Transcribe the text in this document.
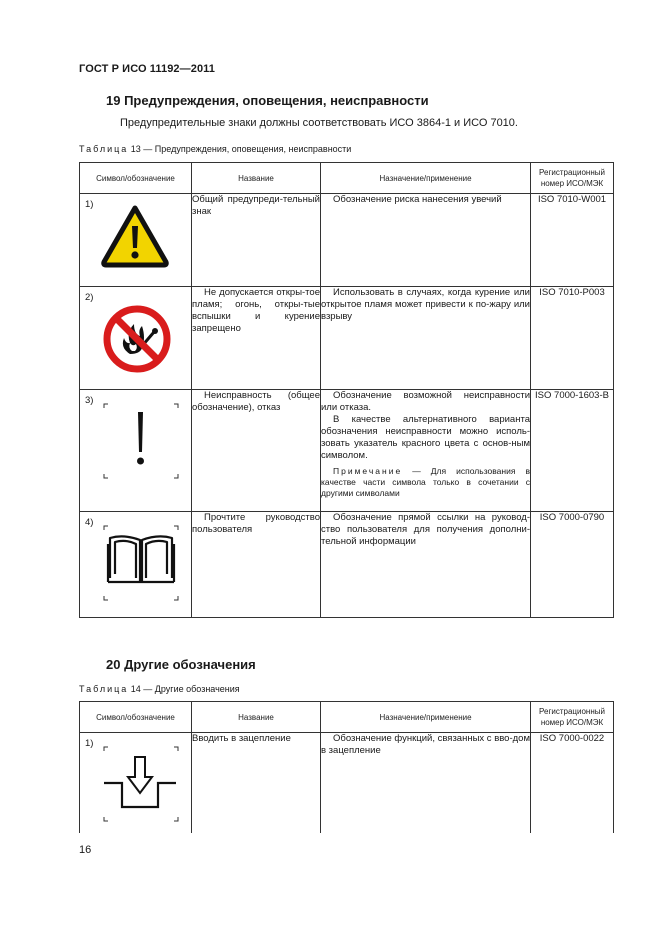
ГОСТ Р ИСО 11192—2011
19 Предупреждения, оповещения, неисправности
Предупредительные знаки должны соответствовать ИСО 3864-1 и ИСО 7010.
Таблица 13 — Предупреждения, оповещения, неисправности
Символ/обозначение	Название	Назначение/применение	Регистрационный номер ИСО/МЭК

1)	Общий предупреди-тельный знак	Обозначение риска нанесения увечий	ISO 7010-W001

2)	Не допускается откры-тое пламя; огонь, откры-тые вспышки и курение запрещено	Использовать в случаях, когда курение или открытое пламя может привести к по-жару или взрыву	ISO 7010-P003

3)	Неисправность (общее обозначение), отказ	Обозначение возможной неисправности или отказа.
В качестве альтернативного варианта обозначения неисправности можно исполь-зовать указатель красного цвета с основ-ным символом.
Примечание — Для использования в качестве части символа только в сочетании с другими символами	ISO 7000-1603-B

4)	Прочтите руководство пользователя	Обозначение прямой ссылки на руковод-ство пользователя для получения дополни-тельной информации	ISO 7000-0790
20 Другие обозначения
Таблица 14 — Другие обозначения
Символ/обозначение	Название	Назначение/применение	Регистрационный номер ИСО/МЭК

1)	Вводить в зацепление	Обозначение функций, связанных с вво-дом в зацепление	ISO 7000-0022
16
